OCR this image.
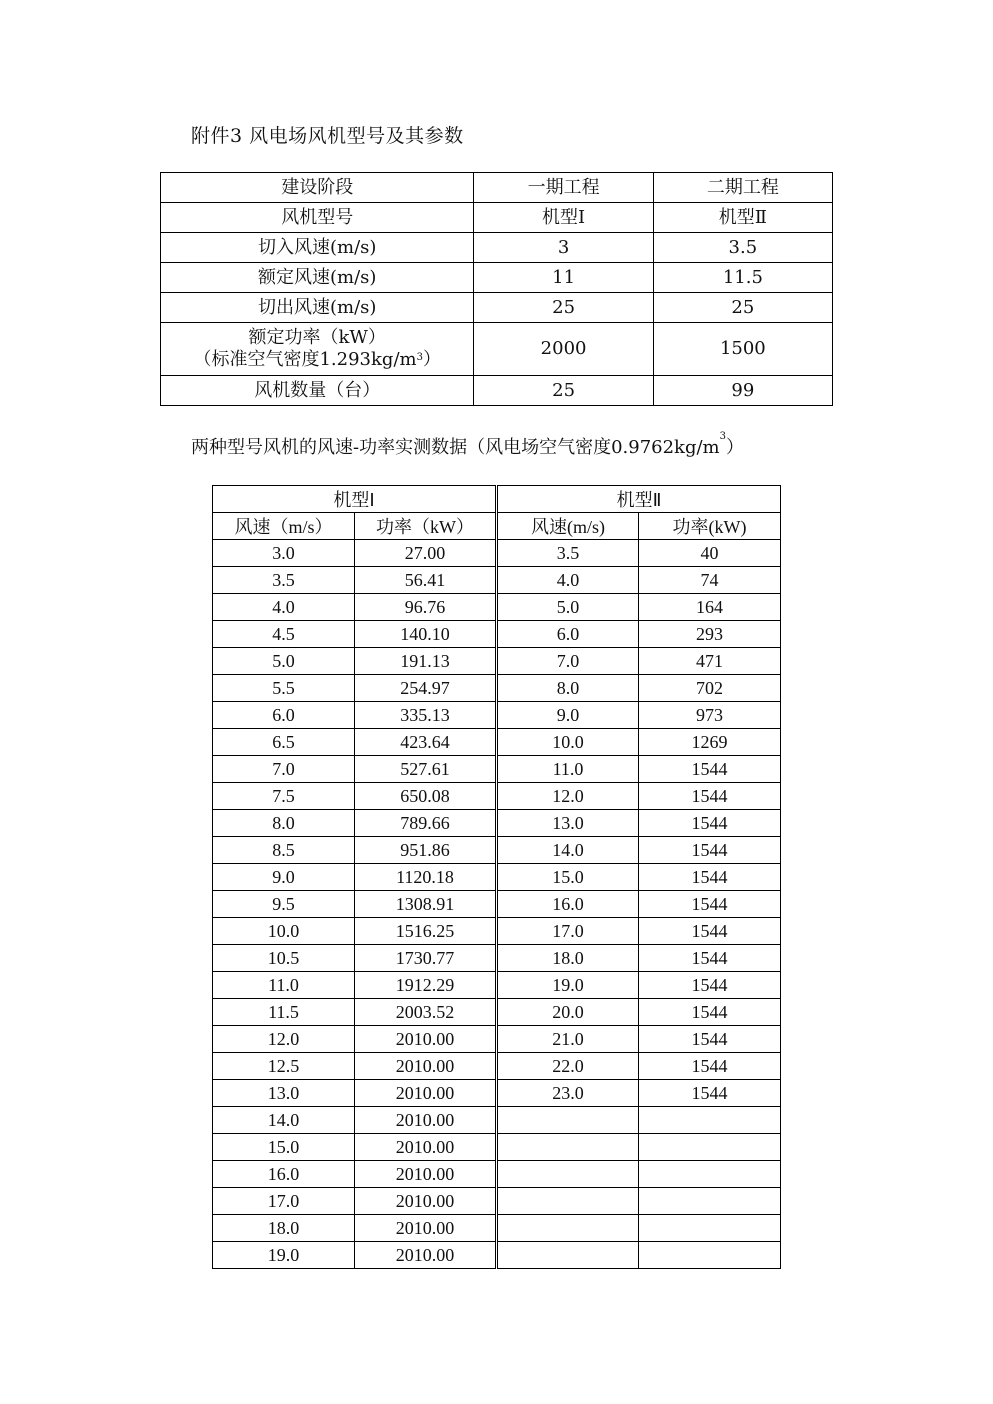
附件3 风电场风机型号及其参数
建设阶段	一期工程	二期工程
风机型号	机型Ⅰ	机型Ⅱ
切入风速(m/s)	3	3.5
额定风速(m/s)	11	11.5
切出风速(m/s)	25	25

额定功率（kW）
（标准空气密度$1.293kg/m^3$）	2000	1500
风机数量（台）	25	99
两种型号风机的风速-功率实测数据（风电场空气密度$0.9762kg/m^3$）
机型Ⅰ		机型Ⅱ	
风速（m/s）	功率（kW）	风速(m/s)	功率(kW)
3.0	27.00	3.5	40
3.5	56.41	4.0	74
4.0	96.76	5.0	164
4.5	140.10	6.0	293
5.0	191.13	7.0	471
5.5	254.97	8.0	702
6.0	335.13	9.0	973
6.5	423.64	10.0	1269
7.0	527.61	11.0	1544
7.5	650.08	12.0	1544
8.0	789.66	13.0	1544
8.5	951.86	14.0	1544
9.0	1120.18	15.0	1544
9.5	1308.91	16.0	1544
10.0	1516.25	17.0	1544
10.5	1730.77	18.0	1544
11.0	1912.29	19.0	1544
11.5	2003.52	20.0	1544
12.0	2010.00	21.0	1544
12.5	2010.00	22.0	1544
13.0	2010.00	23.0	1544
14.0	2010.00		
15.0	2010.00		
16.0	2010.00		
17.0	2010.00		
18.0	2010.00		
19.0	2010.00		
